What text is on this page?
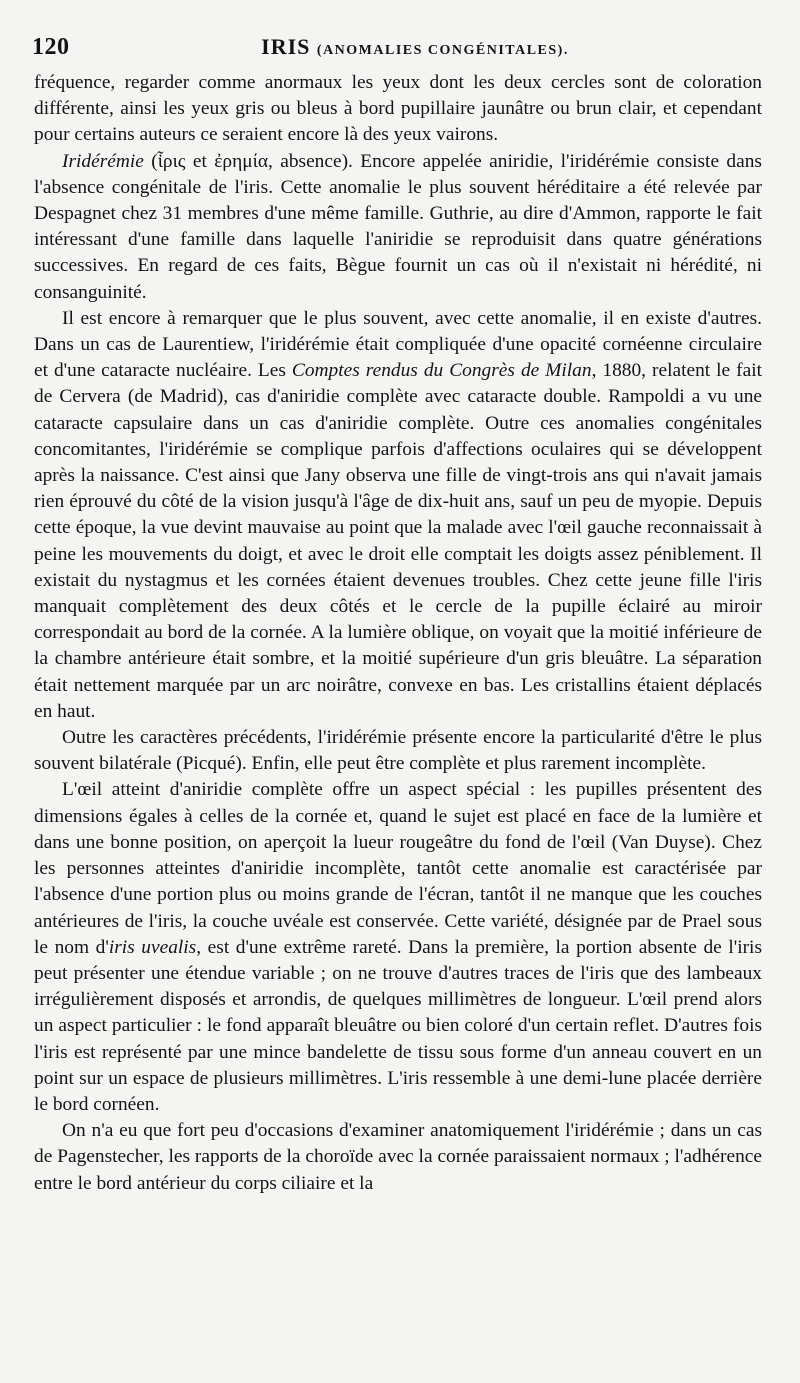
120	IRIS (ANOMALIES CONGÉNITALES).

fréquence, regarder comme anormaux les yeux dont les deux cercles sont de coloration différente, ainsi les yeux gris ou bleus à bord pupillaire jaunâtre ou brun clair, et cependant pour certains auteurs ce seraient encore là des yeux vairons.

Iridérémie (ἶρις et ἐρημία, absence). Encore appelée aniridie, l'iridérémie consiste dans l'absence congénitale de l'iris. Cette anomalie le plus souvent héréditaire a été relevée par Despagnet chez 31 membres d'une même famille. Guthrie, au dire d'Ammon, rapporte le fait intéressant d'une famille dans laquelle l'aniridie se reproduisit dans quatre générations successives. En regard de ces faits, Bègue fournit un cas où il n'existait ni hérédité, ni consanguinité.

Il est encore à remarquer que le plus souvent, avec cette anomalie, il en existe d'autres. Dans un cas de Laurentiew, l'iridérémie était compliquée d'une opacité cornéenne circulaire et d'une cataracte nucléaire. Les Comptes rendus du Congrès de Milan, 1880, relatent le fait de Cervera (de Madrid), cas d'aniridie complète avec cataracte double. Rampoldi a vu une cataracte capsulaire dans un cas d'aniridie complète. Outre ces anomalies congénitales concomitantes, l'iridérémie se complique parfois d'affections oculaires qui se développent après la naissance. C'est ainsi que Jany observa une fille de vingt-trois ans qui n'avait jamais rien éprouvé du côté de la vision jusqu'à l'âge de dix-huit ans, sauf un peu de myopie. Depuis cette époque, la vue devint mauvaise au point que la malade avec l'œil gauche reconnaissait à peine les mouvements du doigt, et avec le droit elle comptait les doigts assez péniblement. Il existait du nystagmus et les cornées étaient devenues troubles. Chez cette jeune fille l'iris manquait complètement des deux côtés et le cercle de la pupille éclairé au miroir correspondait au bord de la cornée. A la lumière oblique, on voyait que la moitié inférieure de la chambre antérieure était sombre, et la moitié supérieure d'un gris bleuâtre. La séparation était nettement marquée par un arc noirâtre, convexe en bas. Les cristallins étaient déplacés en haut.

Outre les caractères précédents, l'iridérémie présente encore la particularité d'être le plus souvent bilatérale (Picqué). Enfin, elle peut être complète et plus rarement incomplète.

L'œil atteint d'aniridie complète offre un aspect spécial : les pupilles présentent des dimensions égales à celles de la cornée et, quand le sujet est placé en face de la lumière et dans une bonne position, on aperçoit la lueur rougeâtre du fond de l'œil (Van Duyse). Chez les personnes atteintes d'aniridie incomplète, tantôt cette anomalie est caractérisée par l'absence d'une portion plus ou moins grande de l'écran, tantôt il ne manque que les couches antérieures de l'iris, la couche uvéale est conservée. Cette variété, désignée par de Prael sous le nom d'iris uvealis, est d'une extrême rareté. Dans la première, la portion absente de l'iris peut présenter une étendue variable ; on ne trouve d'autres traces de l'iris que des lambeaux irrégulièrement disposés et arrondis, de quelques millimètres de longueur. L'œil prend alors un aspect particulier : le fond apparaît bleuâtre ou bien coloré d'un certain reflet. D'autres fois l'iris est représenté par une mince bandelette de tissu sous forme d'un anneau couvert en un point sur un espace de plusieurs millimètres. L'iris ressemble à une demi-lune placée derrière le bord cornéen.

On n'a eu que fort peu d'occasions d'examiner anatomiquement l'iridérémie ; dans un cas de Pagenstecher, les rapports de la choroïde avec la cornée paraissaient normaux ; l'adhérence entre le bord antérieur du corps ciliaire et la
